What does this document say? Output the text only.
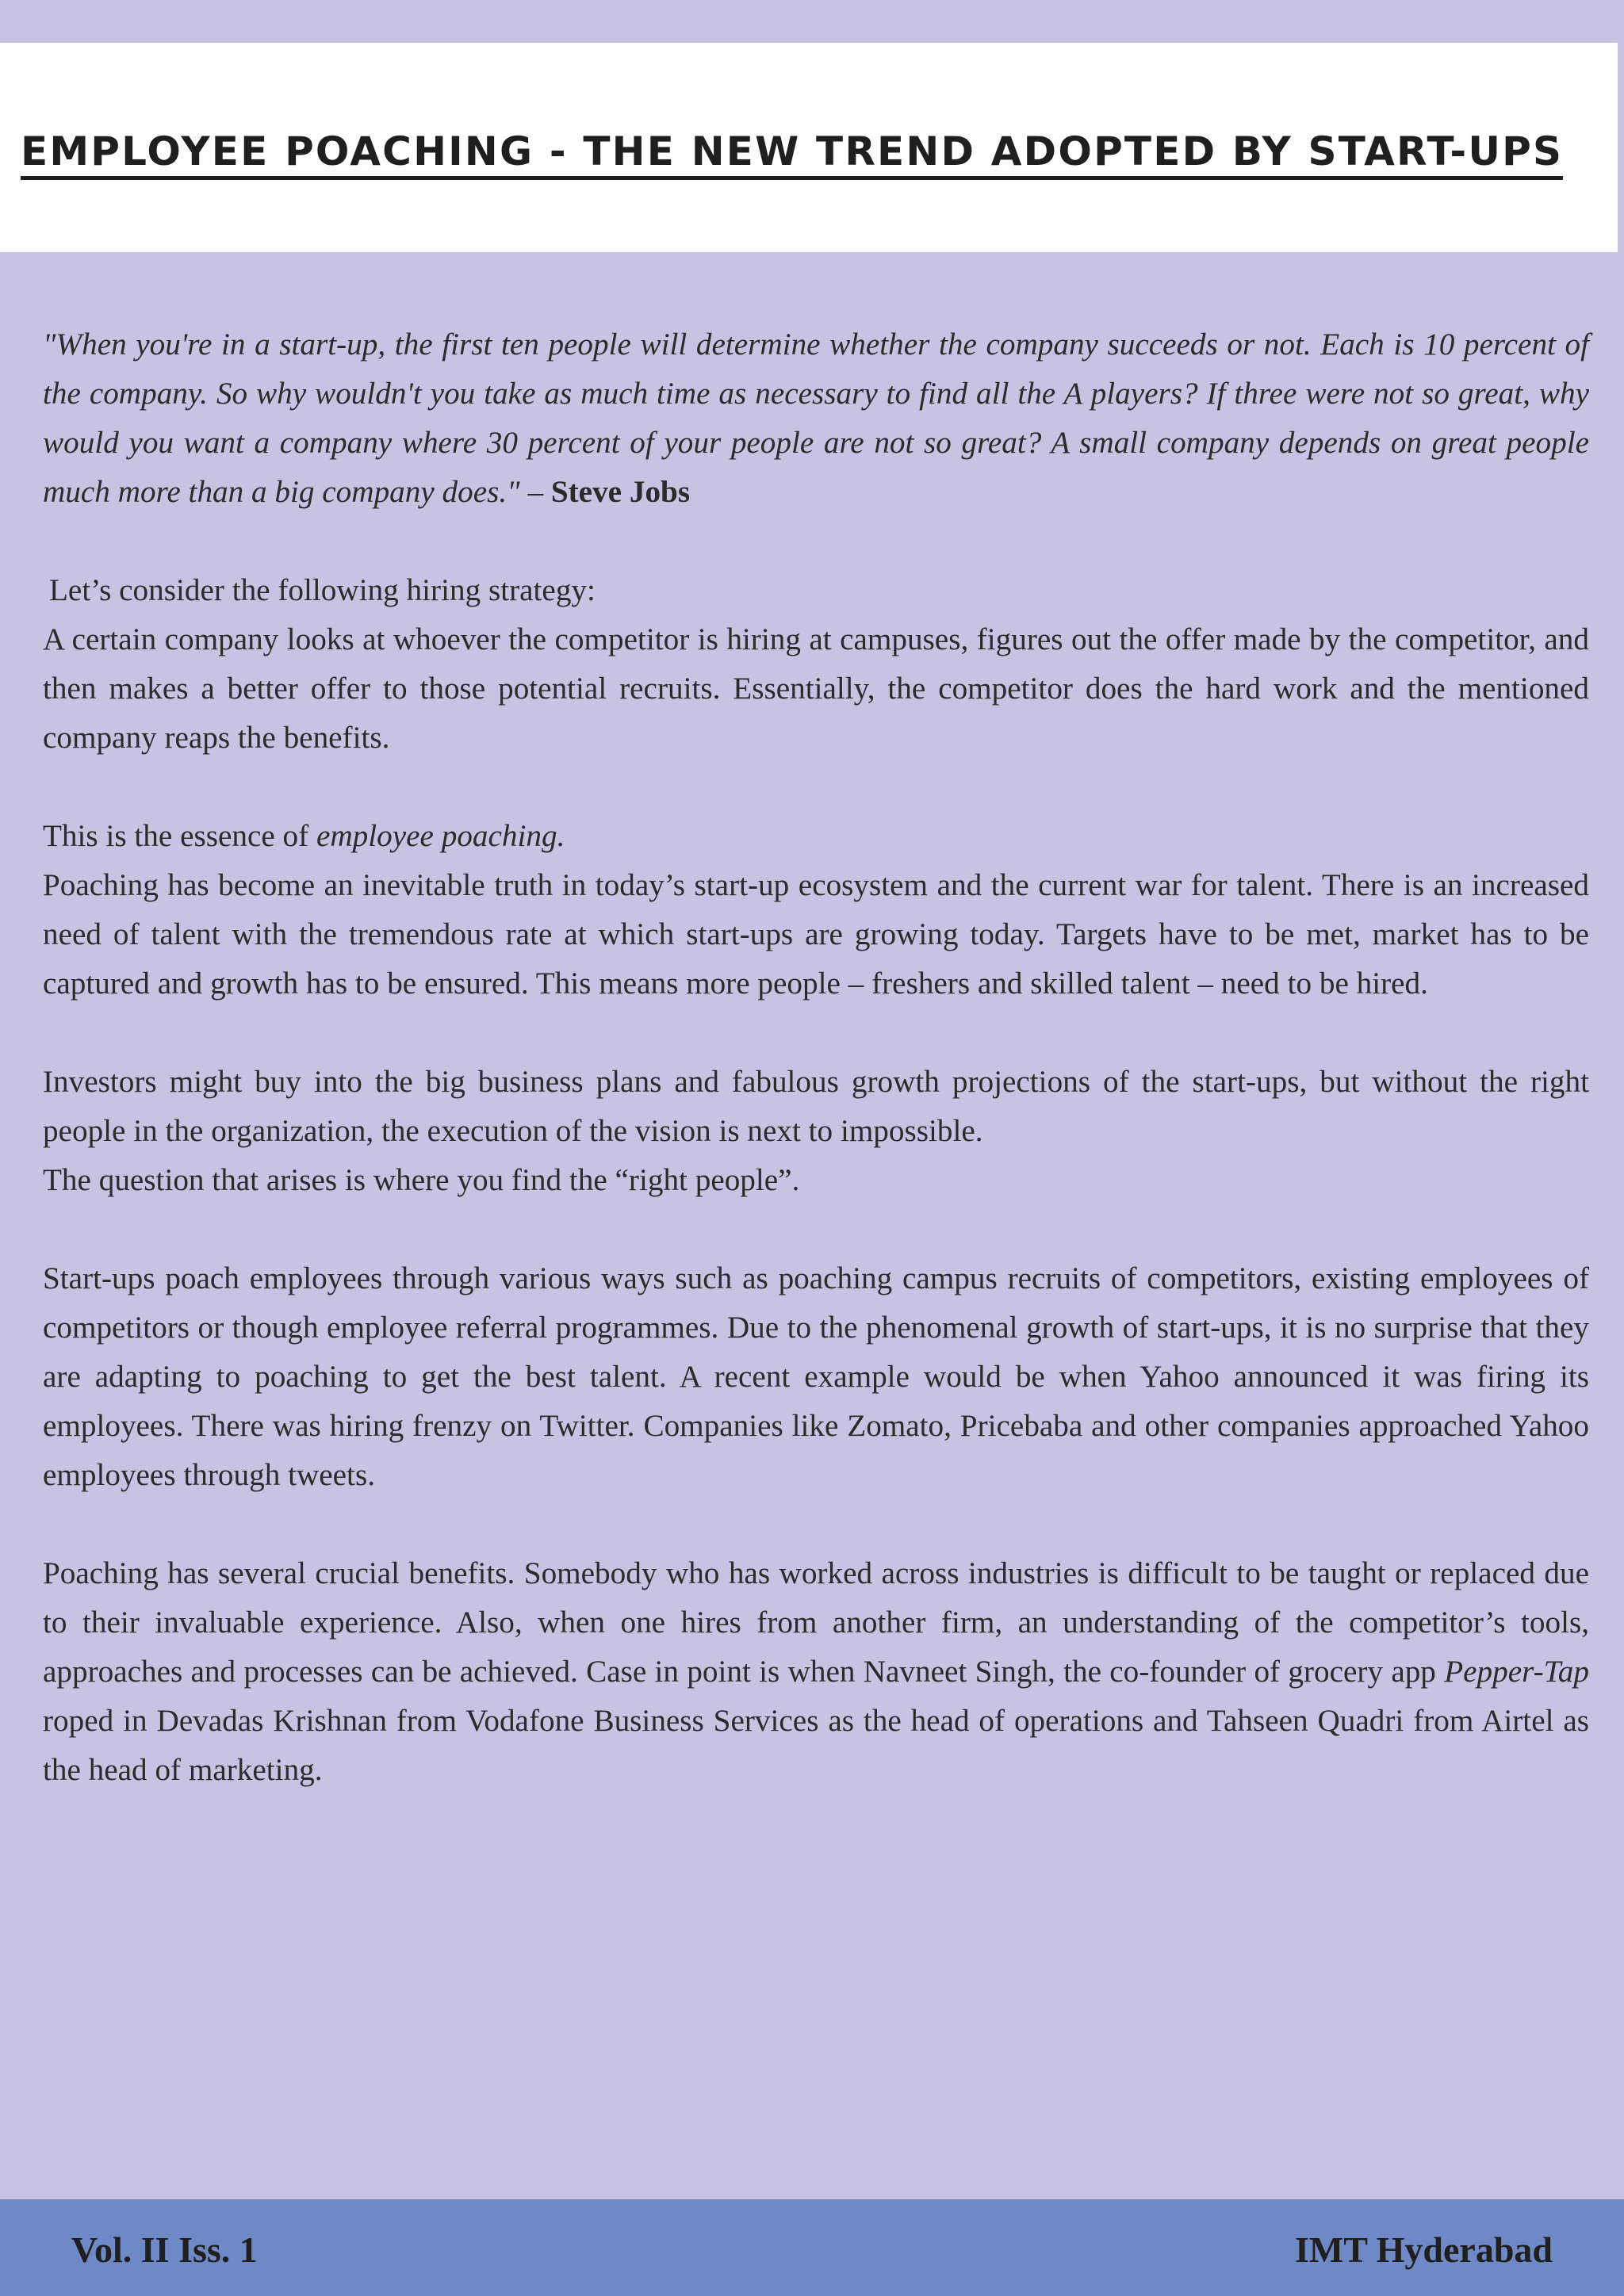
EMPLOYEE POACHING - THE NEW TREND ADOPTED BY START-UPS

"When you're in a start-up, the first ten people will determine whether the company succeeds or not. Each is 10 percent of the company. So why wouldn't you take as much time as necessary to find all the A players? If three were not so great, why would you want a company where 30 percent of your people are not so great? A small company depends on great people much more than a big company does." – Steve Jobs

Let’s consider the following hiring strategy:

A certain company looks at whoever the competitor is hiring at campuses, figures out the offer made by the competitor, and then makes a better offer to those potential recruits. Essentially, the competitor does the hard work and the mentioned company reaps the benefits.

This is the essence of employee poaching.

Poaching has become an inevitable truth in today’s start-up ecosystem and the current war for talent. There is an increased need of talent with the tremendous rate at which start-ups are growing today. Targets have to be met, market has to be captured and growth has to be ensured. This means more people – freshers and skilled talent – need to be hired.

Investors might buy into the big business plans and fabulous growth projections of the start-ups, but without the right people in the organization, the execution of the vision is next to impossible.

The question that arises is where you find the “right people”.

Start-ups poach employees through various ways such as poaching campus recruits of competitors, existing employees of competitors or though employee referral programmes. Due to the phenomenal growth of start-ups, it is no surprise that they are adapting to poaching to get the best talent. A recent example would be when Yahoo announced it was firing its employees. There was hiring frenzy on Twitter. Companies like Zomato, Pricebaba and other companies approached Yahoo employees through tweets.

Poaching has several crucial benefits. Somebody who has worked across industries is difficult to be taught or replaced due to their invaluable experience. Also, when one hires from another firm, an understanding of the competitor’s tools, approaches and processes can be achieved. Case in point is when Navneet Singh, the co-founder of grocery app Pepper-Tap roped in Devadas Krishnan from Vodafone Business Services as the head of operations and Tahseen Quadri from Airtel as the head of marketing.

Vol. II Iss. 1	IMT Hyderabad
